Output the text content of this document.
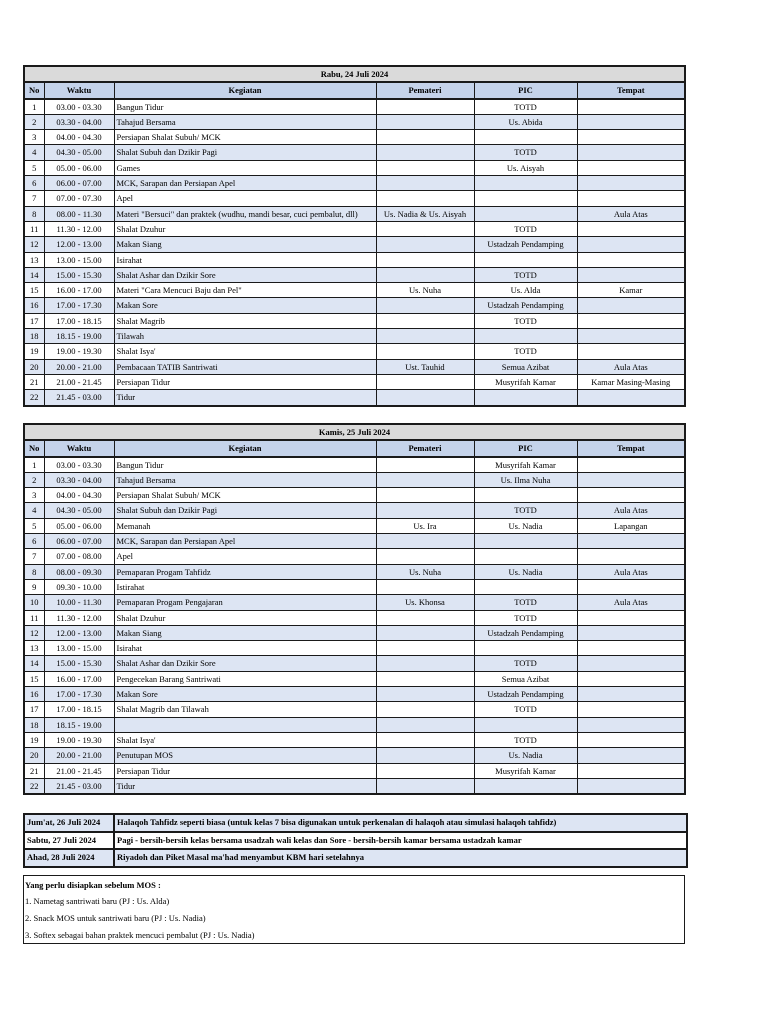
Rabu, 24 Juli 2024					
No	Waktu	Kegiatan	Pemateri	PIC	Tempat
1	03.00 - 03.30	Bangun Tidur		TOTD	
2	03.30 - 04.00	Tahajud Bersama		Us. Abida	
3	04.00 - 04.30	Persiapan Shalat Subuh/ MCK			
4	04.30 - 05.00	Shalat Subuh dan Dzikir Pagi		TOTD	
5	05.00 - 06.00	Games		Us. Aisyah	
6	06.00 - 07.00	MCK, Sarapan dan Persiapan Apel			
7	07.00 - 07.30	Apel			
8	08.00 - 11.30	Materi "Bersuci" dan praktek (wudhu, mandi besar, cuci pembalut, dll)	Us. Nadia & Us. Aisyah		Aula Atas
11	11.30 - 12.00	Shalat Dzuhur		TOTD	
12	12.00 - 13.00	Makan Siang		Ustadzah Pendamping	
13	13.00 - 15.00	Isirahat			
14	15.00 - 15.30	Shalat Ashar dan Dzikir Sore		TOTD	
15	16.00 - 17.00	Materi "Cara Mencuci Baju dan Pel"	Us. Nuha	Us. Alda	Kamar
16	17.00 - 17.30	Makan Sore		Ustadzah Pendamping	
17	17.00 - 18.15	Shalat Magrib		TOTD	
18	18.15 - 19.00	Tilawah			
19	19.00 - 19.30	Shalat Isya'		TOTD	
20	20.00 - 21.00	Pembacaan TATIB Santriwati	Ust. Tauhid	Semua Azibat	Aula Atas
21	21.00 - 21.45	Persiapan Tidur		Musyrifah Kamar	Kamar Masing-Masing
22	21.45 - 03.00	Tidur			
Kamis, 25 Juli 2024					
No	Waktu	Kegiatan	Pemateri	PIC	Tempat
1	03.00 - 03.30	Bangun Tidur		Musyrifah Kamar	
2	03.30 - 04.00	Tahajud Bersama		Us. Ilma Nuha	
3	04.00 - 04.30	Persiapan Shalat Subuh/ MCK			
4	04.30 - 05.00	Shalat Subuh dan Dzikir Pagi		TOTD	Aula Atas
5	05.00 - 06.00	Memanah	Us. Ira	Us. Nadia	Lapangan
6	06.00 - 07.00	MCK, Sarapan dan Persiapan Apel			
7	07.00 - 08.00	Apel			
8	08.00 - 09.30	Pemaparan Progam Tahfidz	Us. Nuha	Us. Nadia	Aula Atas
9	09.30 - 10.00	Istirahat			
10	10.00 - 11.30	Pemaparan Progam Pengajaran	Us. Khonsa	TOTD	Aula Atas
11	11.30 - 12.00	Shalat Dzuhur		TOTD	
12	12.00 - 13.00	Makan Siang		Ustadzah Pendamping	
13	13.00 - 15.00	Isirahat			
14	15.00 - 15.30	Shalat Ashar dan Dzikir Sore		TOTD	
15	16.00 - 17.00	Pengecekan Barang Santriwati		Semua Azibat	
16	17.00 - 17.30	Makan Sore		Ustadzah Pendamping	
17	17.00 - 18.15	Shalat Magrib dan Tilawah		TOTD	
18	18.15 - 19.00				
19	19.00 - 19.30	Shalat Isya'		TOTD	
20	20.00 - 21.00	Penutupan MOS		Us. Nadia	
21	21.00 - 21.45	Persiapan Tidur		Musyrifah Kamar	
22	21.45 - 03.00	Tidur			
Jum'at, 26 Juli 2024	Halaqoh Tahfidz seperti biasa (untuk kelas 7 bisa digunakan untuk perkenalan di halaqoh atau simulasi halaqoh tahfidz)
Sabtu, 27 Juli 2024	Pagi - bersih-bersih kelas bersama usadzah wali kelas dan Sore - bersih-bersih kamar bersama ustadzah kamar
Ahad, 28 Juli 2024	Riyadoh dan Piket Masal ma'had menyambut KBM hari setelahnya
Yang perlu disiapkan sebelum MOS :
1. Nametag santriwati baru (PJ : Us. Alda)
2. Snack MOS untuk santriwati baru (PJ : Us. Nadia)
3. Softex sebagai bahan praktek mencuci pembalut (PJ : Us. Nadia)
